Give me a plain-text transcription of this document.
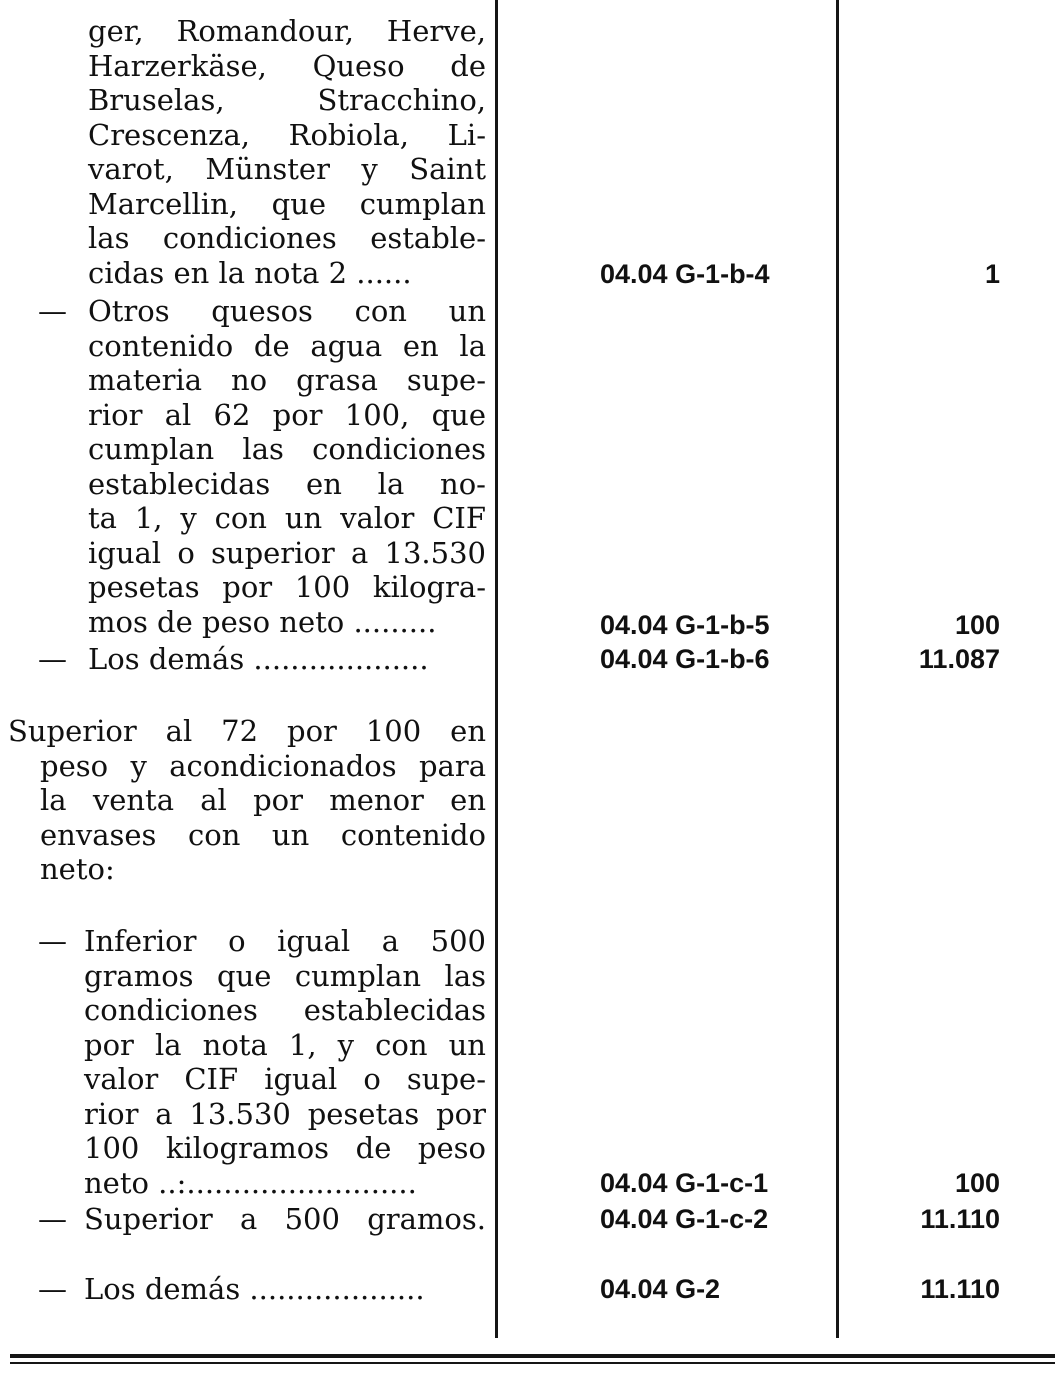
ger, Romandour, Herve,
Harzerkäse, Queso de
Bruselas, Stracchino,
Crescenza, Robiola, Li-
varot, Münster y Saint
Marcellin, que cumplan
las condiciones estable-
cidas en la nota 2 ......	04.04 G-1-b-4	1
— Otros quesos con un
contenido de agua en la
materia no grasa supe-
rior al 62 por 100, que
cumplan las condiciones
establecidas en la no-
ta 1, y con un valor CIF
igual o superior a 13.530
pesetas por 100 kilogra-
mos de peso neto .........	04.04 G-1-b-5	100
— Los demás ...................	04.04 G-1-b-6	11.087
Superior al 72 por 100 en
peso y acondicionados para
la venta al por menor en
envases con un contenido
neto:
— Inferior o igual a 500
gramos que cumplan las
condiciones establecidas
por la nota 1, y con un
valor CIF igual o supe-
rior a 13.530 pesetas por
100 kilogramos de peso
neto ..:.........................	04.04 G-1-c-1	100
— Superior a 500 gramos.	04.04 G-1-c-2	11.110
— Los demás ...................	04.04 G-2	11.110
